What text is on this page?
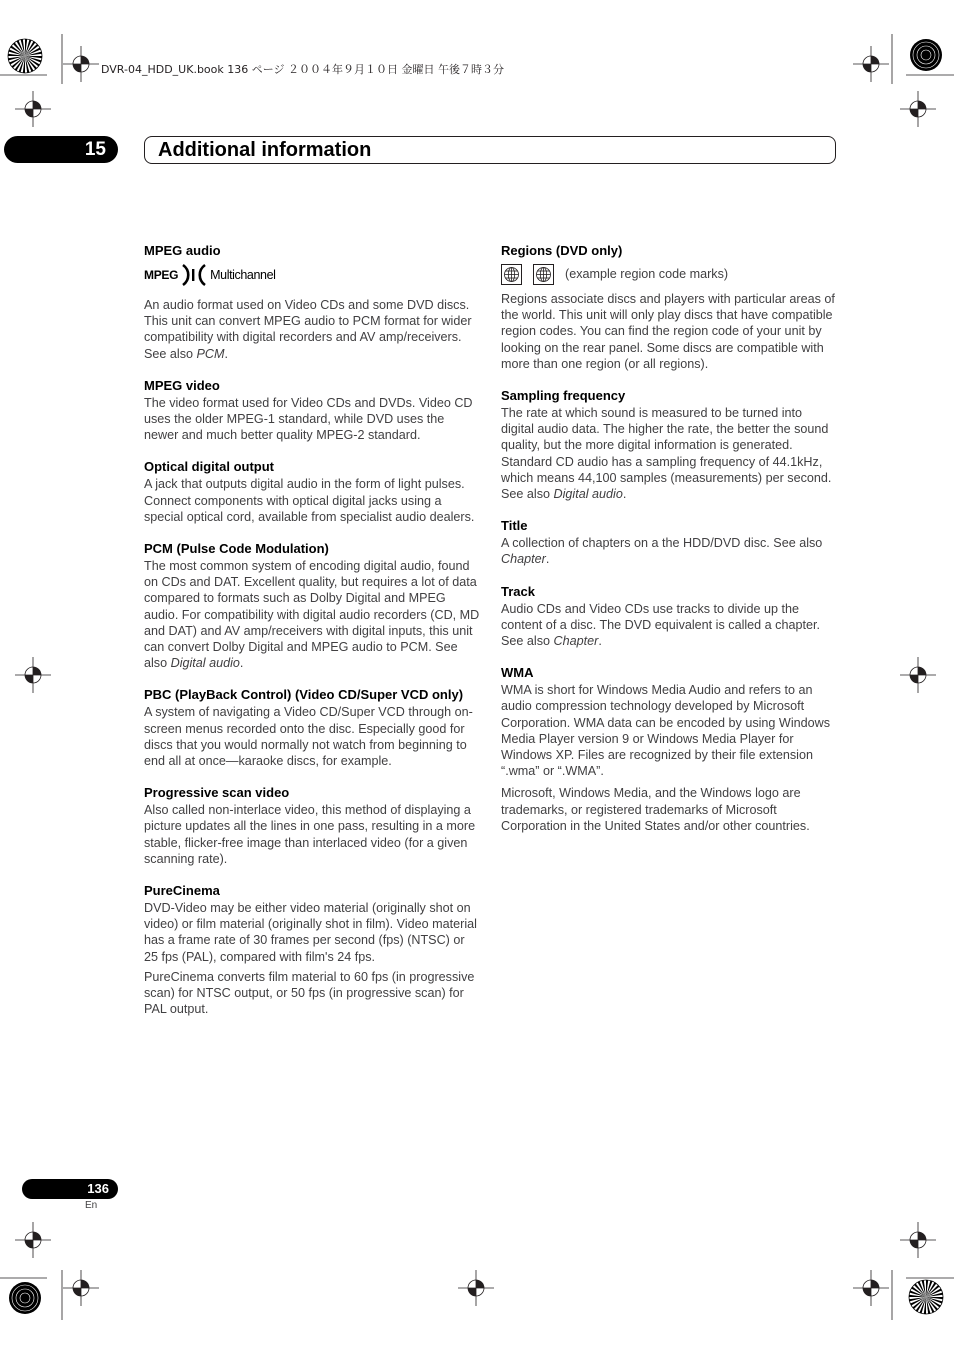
DVR-04_HDD_UK.book 136 ページ ２００４年９月１０日 金曜日 午後７時３分
15	Additional information
MPEG audio
MPEG	Multichannel
An audio format used on Video CDs and some DVD discs. This unit can convert MPEG audio to PCM format for wider compatibility with digital recorders and AV amp/receivers. See also PCM.
MPEG video
The video format used for Video CDs and DVDs. Video CD uses the older MPEG-1 standard, while DVD uses the newer and much better quality MPEG-2 standard.
Optical digital output
A jack that outputs digital audio in the form of light pulses. Connect components with optical digital jacks using a special optical cord, available from specialist audio dealers.
PCM (Pulse Code Modulation)
The most common system of encoding digital audio, found on CDs and DAT. Excellent quality, but requires a lot of data compared to formats such as Dolby Digital and MPEG audio. For compatibility with digital audio recorders (CD, MD and DAT) and AV amp/receivers with digital inputs, this unit can convert Dolby Digital and MPEG audio to PCM. See also Digital audio.
PBC (PlayBack Control) (Video CD/Super VCD only)
A system of navigating a Video CD/Super VCD through on-screen menus recorded onto the disc. Especially good for discs that you would normally not watch from beginning to end all at once—karaoke discs, for example.
Progressive scan video
Also called non-interlace video, this method of displaying a picture updates all the lines in one pass, resulting in a more stable, flicker-free image than interlaced video (for a given scanning rate).
PureCinema
DVD-Video may be either video material (originally shot on video) or film material (originally shot in film). Video material has a frame rate of 30 frames per second (fps) (NTSC) or 25 fps (PAL), compared with film's 24 fps.
PureCinema converts film material to 60 fps (in progressive scan) for NTSC output, or 50 fps (in progressive scan) for PAL output.
Regions (DVD only)
(example region code marks)
Regions associate discs and players with particular areas of the world. This unit will only play discs that have compatible region codes. You can find the region code of your unit by looking on the rear panel. Some discs are compatible with more than one region (or all regions).
Sampling frequency
The rate at which sound is measured to be turned into digital audio data. The higher the rate, the better the sound quality, but the more digital information is generated. Standard CD audio has a sampling frequency of 44.1kHz, which means 44,100 samples (measurements) per second. See also Digital audio.
Title
A collection of chapters on a the HDD/DVD disc. See also Chapter.
Track
Audio CDs and Video CDs use tracks to divide up the content of a disc. The DVD equivalent is called a chapter. See also Chapter.
WMA
WMA is short for Windows Media Audio and refers to an audio compression technology developed by Microsoft Corporation. WMA data can be encoded by using Windows Media Player version 9 or Windows Media Player for Windows XP. Files are recognized by their file extension “.wma” or “.WMA”.
Microsoft, Windows Media, and the Windows logo are trademarks, or registered trademarks of Microsoft Corporation in the United States and/or other countries.
136
En
